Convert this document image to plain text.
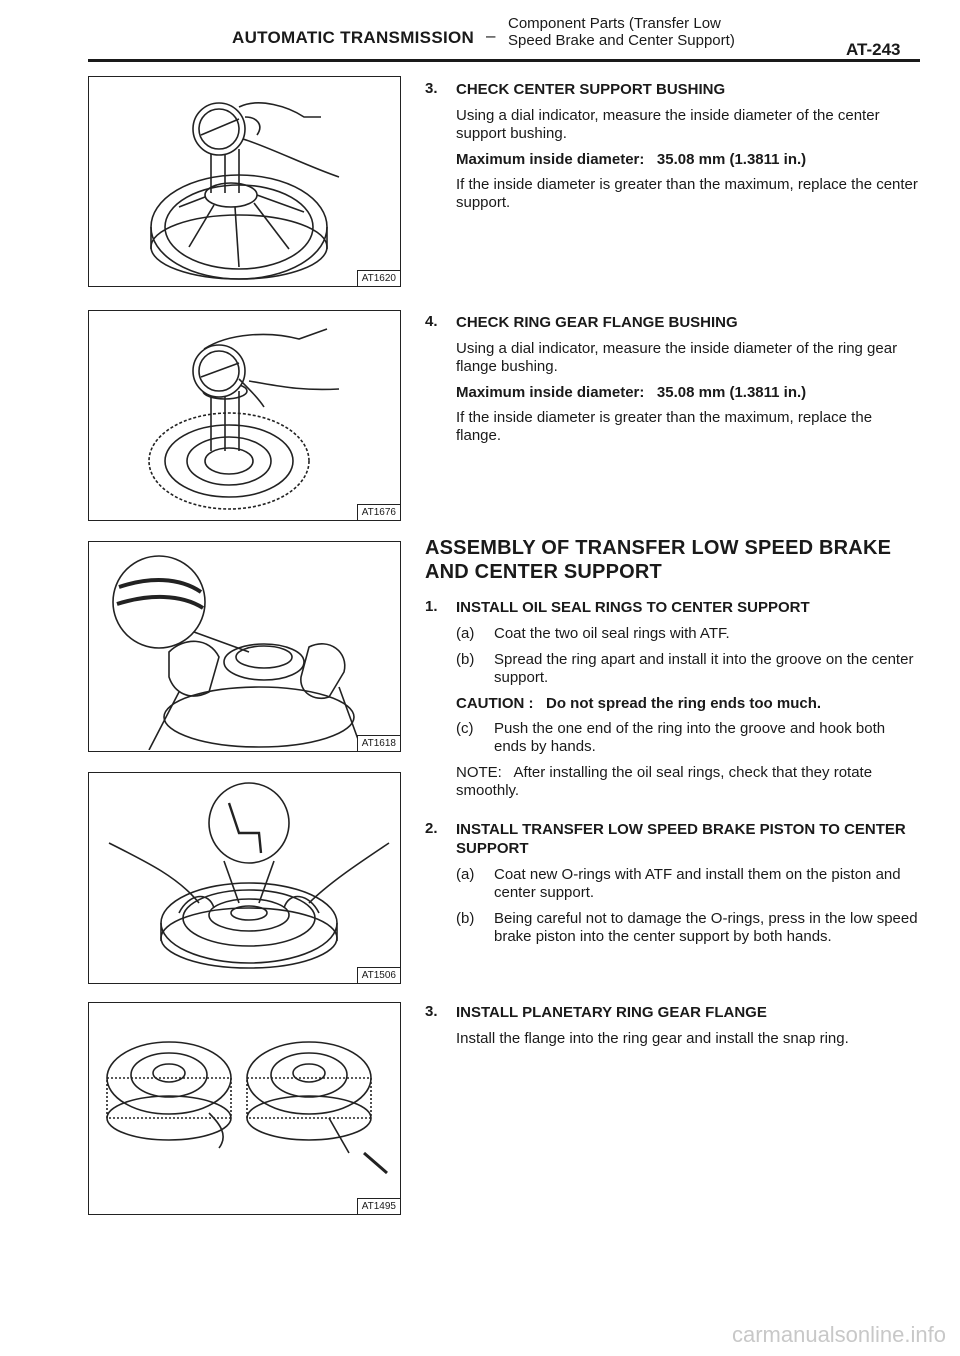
AUTOMATIC TRANSMISSION –
Component Parts (Transfer Low
Speed Brake and Center Support)	AT-243
AT1620
AT1676
AT1618
AT1506
AT1495
3. CHECK CENTER SUPPORT BUSHING
Using a dial indicator, measure the inside diameter of the center support bushing.
Maximum inside diameter: 35.08 mm (1.3811 in.)
If the inside diameter is greater than the maximum, replace the center support.
4. CHECK RING GEAR FLANGE BUSHING
Using a dial indicator, measure the inside diameter of the ring gear flange bushing.
Maximum inside diameter: 35.08 mm (1.3811 in.)
If the inside diameter is greater than the maximum, replace the flange.
ASSEMBLY OF TRANSFER LOW SPEED BRAKE
AND CENTER SUPPORT
1. INSTALL OIL SEAL RINGS TO CENTER SUPPORT
(a) Coat the two oil seal rings with ATF.
(b) Spread the ring apart and install it into the groove on the center support.
CAUTION : Do not spread the ring ends too much.
(c) Push the one end of the ring into the groove and hook both ends by hands.
NOTE: After installing the oil seal rings, check that they rotate smoothly.
2. INSTALL TRANSFER LOW SPEED BRAKE PISTON TO CENTER SUPPORT
(a) Coat new O-rings with ATF and install them on the piston and center support.
(b) Being careful not to damage the O-rings, press in the low speed brake piston into the center support by both hands.
3. INSTALL PLANETARY RING GEAR FLANGE
Install the flange into the ring gear and install the snap ring.
carmanualsonline.info
